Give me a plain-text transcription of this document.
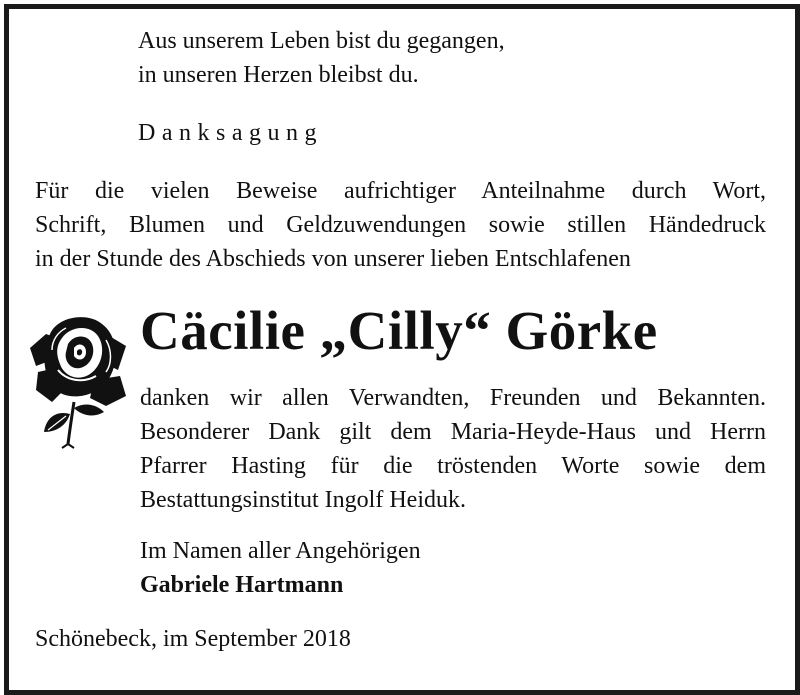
Aus unserem Leben bist du gegangen,
in unseren Herzen bleibst du.
Danksagung
Für die vielen Beweise aufrichtiger Anteilnahme durch Wort,
Schrift, Blumen und Geldzuwendungen sowie stillen Händedruck
in der Stunde des Abschieds von unserer lieben Entschlafenen
Cäcilie „Cilly“ Görke
danken wir allen Verwandten, Freunden und Bekannten.
Besonderer Dank gilt dem Maria-Heyde-Haus und Herrn
Pfarrer Hasting für die tröstenden Worte sowie dem
Bestattungsinstitut Ingolf Heiduk.
Im Namen aller Angehörigen
Gabriele Hartmann
Schönebeck, im September 2018
